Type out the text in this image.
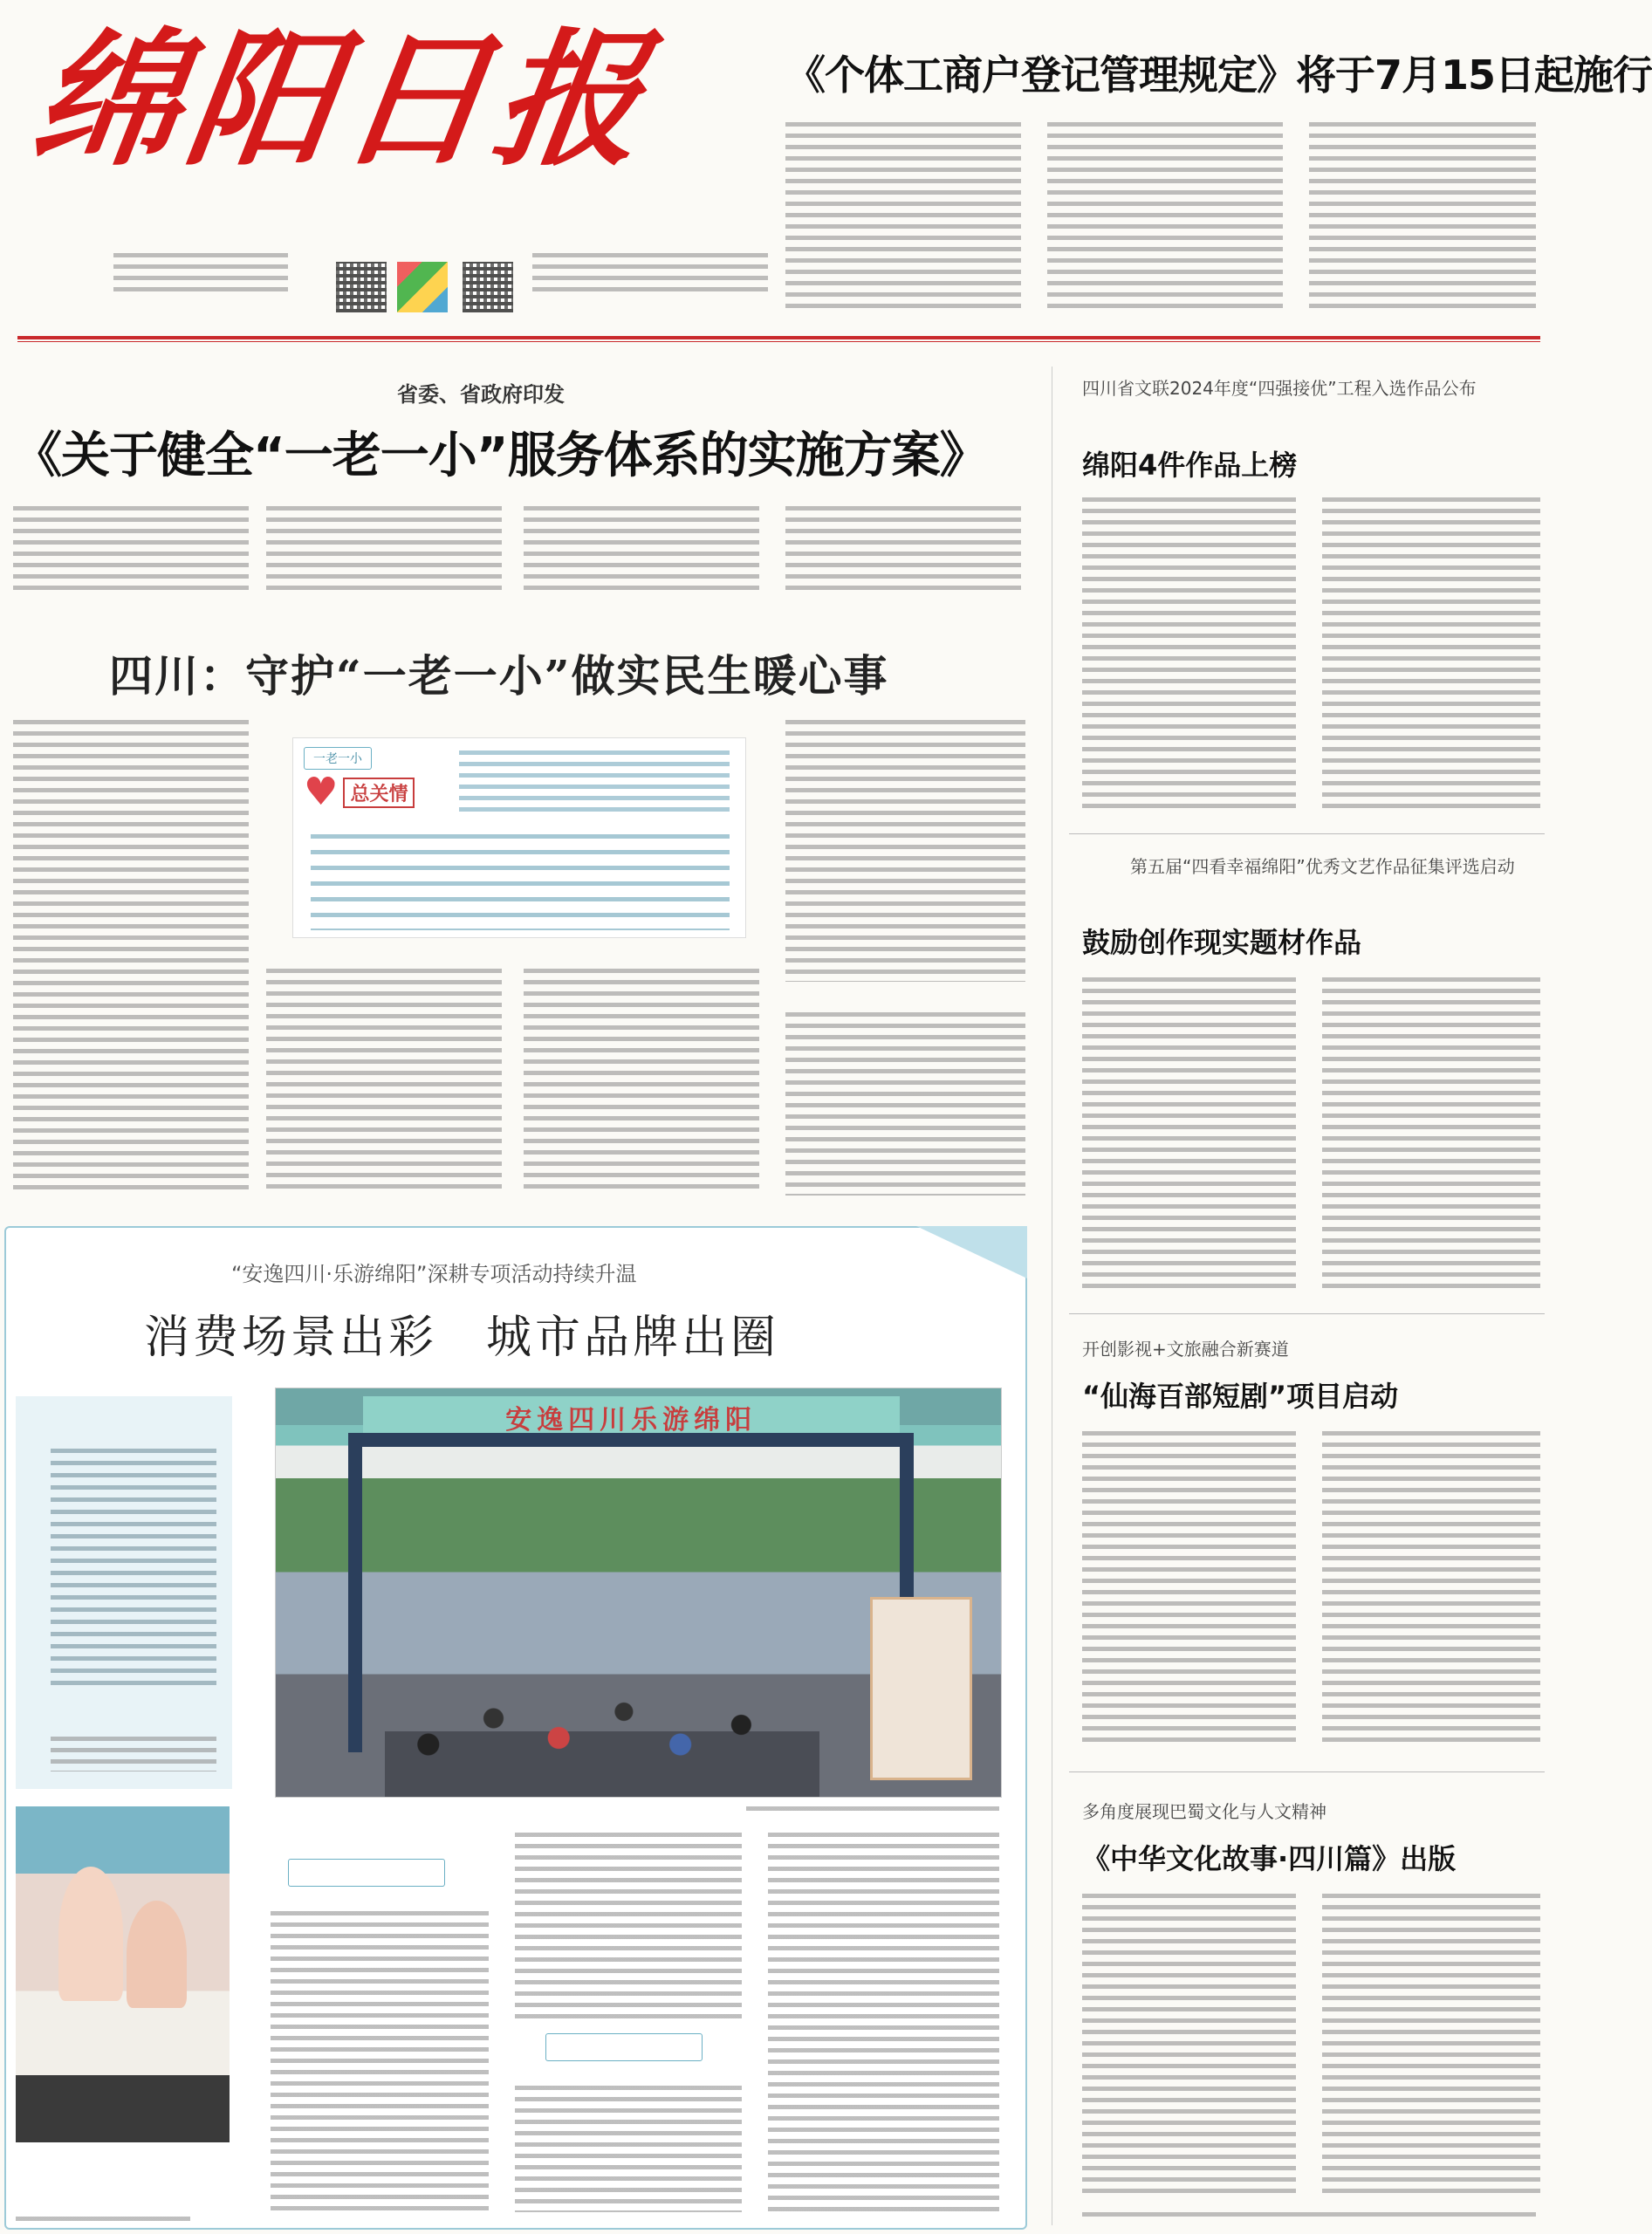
绵阳日报	《个体工商户登记管理规定》将于7月15日起施行
省委、省政府印发
《关于健全“一老一小”服务体系的实施方案》
四川：守护“一老一小”做实民生暖心事
一老一小
♥ 总关情
“安逸四川·乐游绵阳”深耕专项活动持续升温
消费场景出彩　城市品牌出圈
安逸四川乐游绵阳
四川省文联2024年度“四强接优”工程入选作品公布
绵阳4件作品上榜
第五届“四看幸福绵阳”优秀文艺作品征集评选启动
鼓励创作现实题材作品
开创影视+文旅融合新赛道
“仙海百部短剧”项目启动
多角度展现巴蜀文化与人文精神
《中华文化故事·四川篇》出版
